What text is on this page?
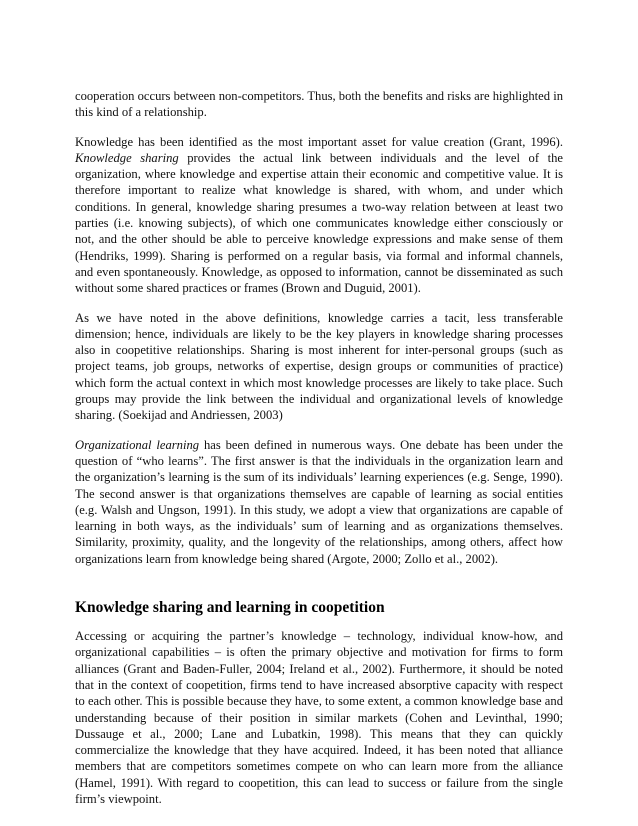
cooperation occurs between non-competitors. Thus, both the benefits and risks are highlighted in this kind of a relationship.

Knowledge has been identified as the most important asset for value creation (Grant, 1996). Knowledge sharing provides the actual link between individuals and the level of the organization, where knowledge and expertise attain their economic and competitive value. It is therefore important to realize what knowledge is shared, with whom, and under which conditions. In general, knowledge sharing presumes a two-way relation between at least two parties (i.e. knowing subjects), of which one communicates knowledge either consciously or not, and the other should be able to perceive knowledge expressions and make sense of them (Hendriks, 1999). Sharing is performed on a regular basis, via formal and informal channels, and even spontaneously. Knowledge, as opposed to information, cannot be disseminated as such without some shared practices or frames (Brown and Duguid, 2001).

As we have noted in the above definitions, knowledge carries a tacit, less transferable dimension; hence, individuals are likely to be the key players in knowledge sharing processes also in coopetitive relationships. Sharing is most inherent for inter-personal groups (such as project teams, job groups, networks of expertise, design groups or communities of practice) which form the actual context in which most knowledge processes are likely to take place. Such groups may provide the link between the individual and organizational levels of knowledge sharing. (Soekijad and Andriessen, 2003)

Organizational learning has been defined in numerous ways. One debate has been under the question of “who learns”. The first answer is that the individuals in the organization learn and the organization’s learning is the sum of its individuals’ learning experiences (e.g. Senge, 1990). The second answer is that organizations themselves are capable of learning as social entities (e.g. Walsh and Ungson, 1991). In this study, we adopt a view that organizations are capable of learning in both ways, as the individuals’ sum of learning and as organizations themselves. Similarity, proximity, quality, and the longevity of the relationships, among others, affect how organizations learn from knowledge being shared (Argote, 2000; Zollo et al., 2002).

Knowledge sharing and learning in coopetition

Accessing or acquiring the partner’s knowledge – technology, individual know-how, and organizational capabilities – is often the primary objective and motivation for firms to form alliances (Grant and Baden-Fuller, 2004; Ireland et al., 2002). Furthermore, it should be noted that in the context of coopetition, firms tend to have increased absorptive capacity with respect to each other. This is possible because they have, to some extent, a common knowledge base and understanding because of their position in similar markets (Cohen and Levinthal, 1990; Dussauge et al., 2000; Lane and Lubatkin, 1998). This means that they can quickly commercialize the knowledge that they have acquired. Indeed, it has been noted that alliance members that are competitors sometimes compete on who can learn more from the alliance (Hamel, 1991). With regard to coopetition, this can lead to success or failure from the single firm’s viewpoint.
